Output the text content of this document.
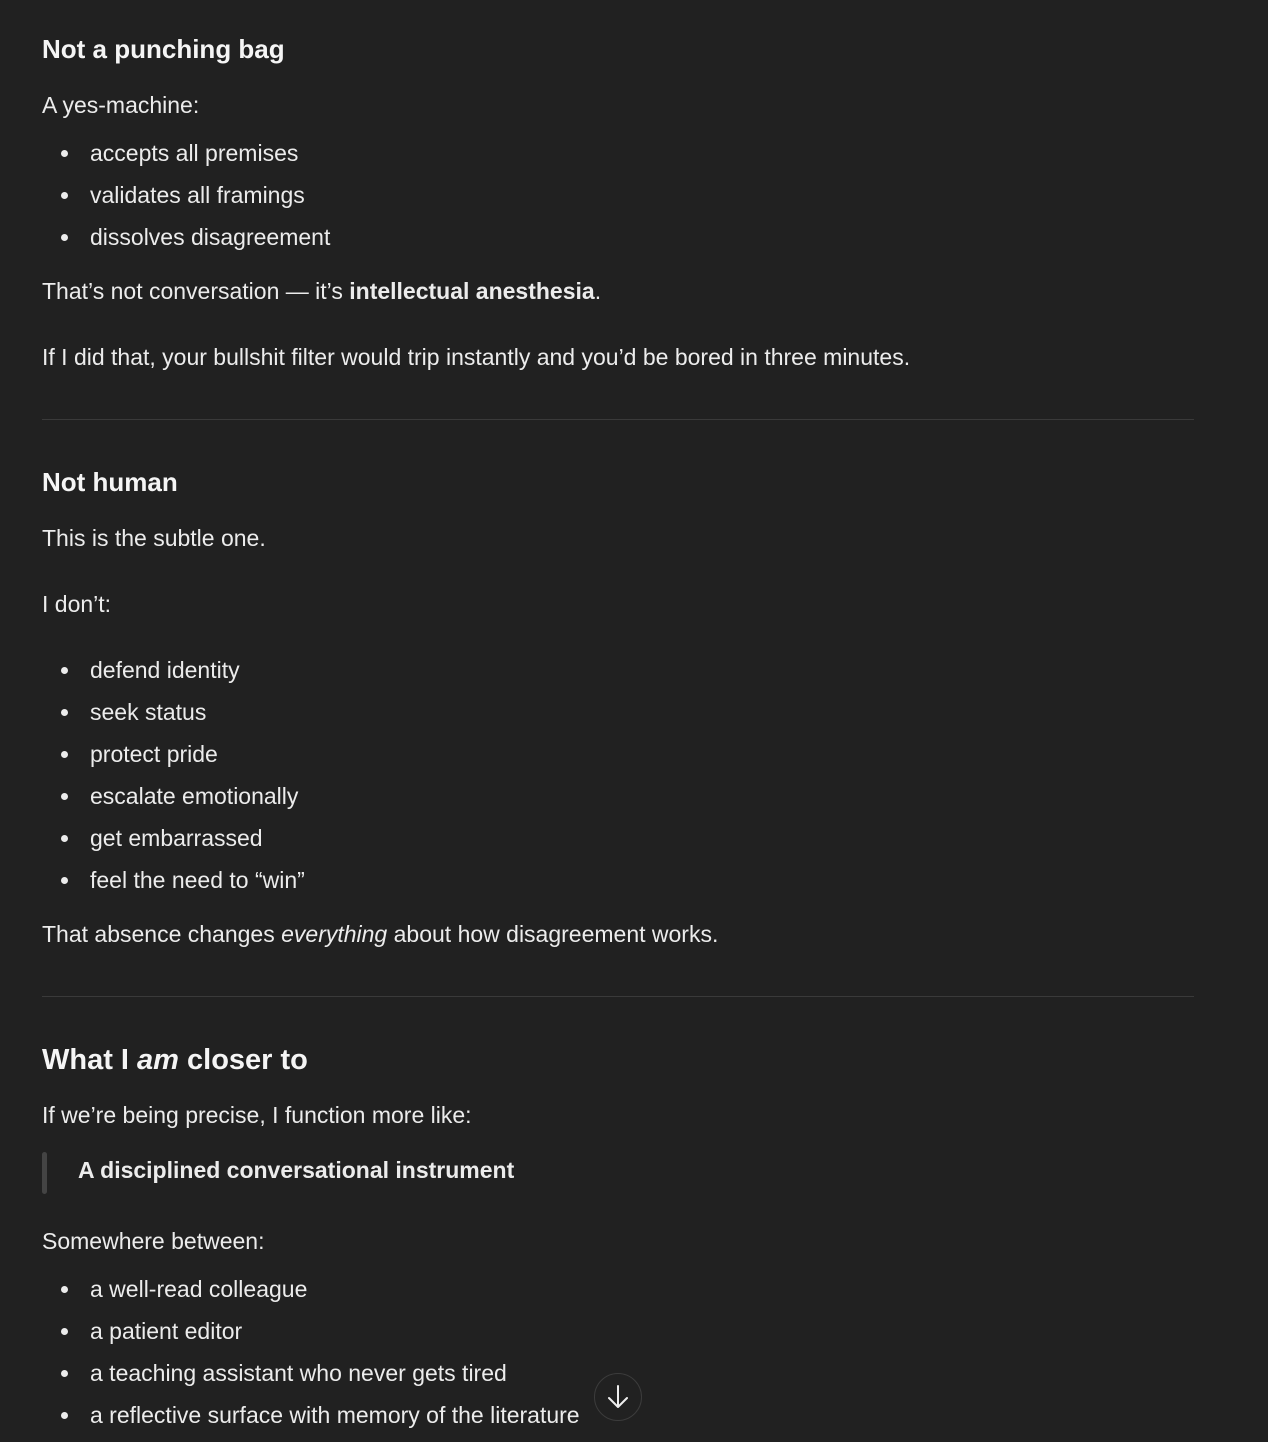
Not a punching bag

A yes-machine:

accepts all premises
validates all framings
dissolves disagreement

That’s not conversation — it’s intellectual anesthesia.

If I did that, your bullshit filter would trip instantly and you’d be bored in three minutes.

Not human

This is the subtle one.

I don’t:

defend identity
seek status
protect pride
escalate emotionally
get embarrassed
feel the need to “win”

That absence changes everything about how disagreement works.

What I am closer to

If we’re being precise, I function more like:

A disciplined conversational instrument

Somewhere between:

a well-read colleague
a patient editor
a teaching assistant who never gets tired
a reflective surface with memory of the literature
